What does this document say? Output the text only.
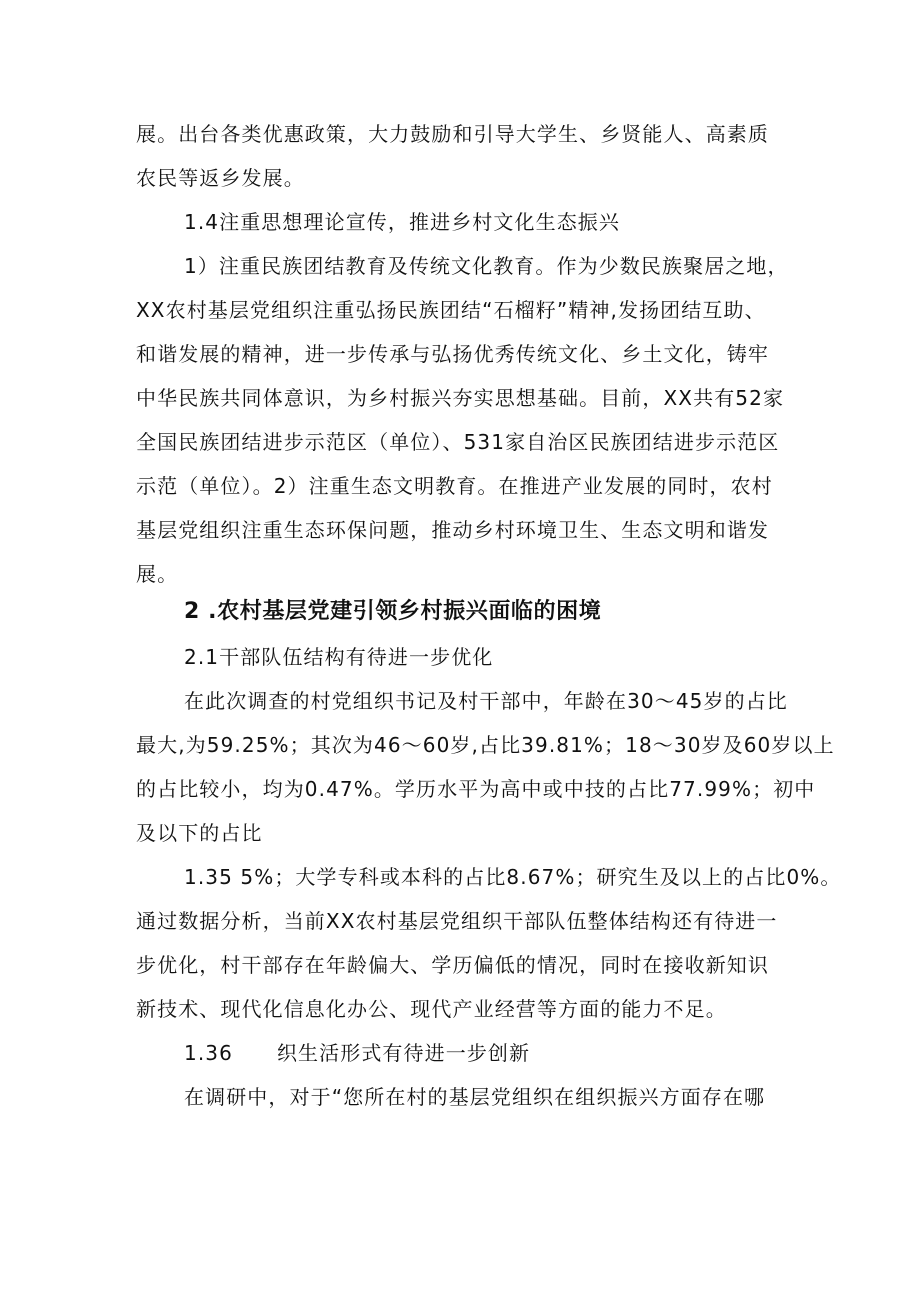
展。出台各类优惠政策，大力鼓励和引导大学生、乡贤能人、高素质
农民等返乡发展。
1.4注重思想理论宣传，推进乡村文化生态振兴
1）注重民族团结教育及传统文化教育。作为少数民族聚居之地，
XX农村基层党组织注重弘扬民族团结“石榴籽”精神,发扬团结互助、
和谐发展的精神，进一步传承与弘扬优秀传统文化、乡土文化，铸牢
中华民族共同体意识，为乡村振兴夯实思想基础。目前，XX共有52家
全国民族团结进步示范区（单位）、531家自治区民族团结进步示范区
示范（单位）。2）注重生态文明教育。在推进产业发展的同时，农村
基层党组织注重生态环保问题，推动乡村环境卫生、生态文明和谐发
展。
2 .农村基层党建引领乡村振兴面临的困境
2.1干部队伍结构有待进一步优化
在此次调查的村党组织书记及村干部中，年龄在30～45岁的占比
最大,为59.25%；其次为46～60岁,占比39.81%；18～30岁及60岁以上
的占比较小，均为0.47%。学历水平为高中或中技的占比77.99%；初中
及以下的占比
1.35 5%；大学专科或本科的占比8.67%；研究生及以上的占比0%。
通过数据分析，当前XX农村基层党组织干部队伍整体结构还有待进一
步优化，村干部存在年龄偏大、学历偏低的情况，同时在接收新知识
新技术、现代化信息化办公、现代产业经营等方面的能力不足。
1.36 织生活形式有待进一步创新
在调研中，对于“您所在村的基层党组织在组织振兴方面存在哪
